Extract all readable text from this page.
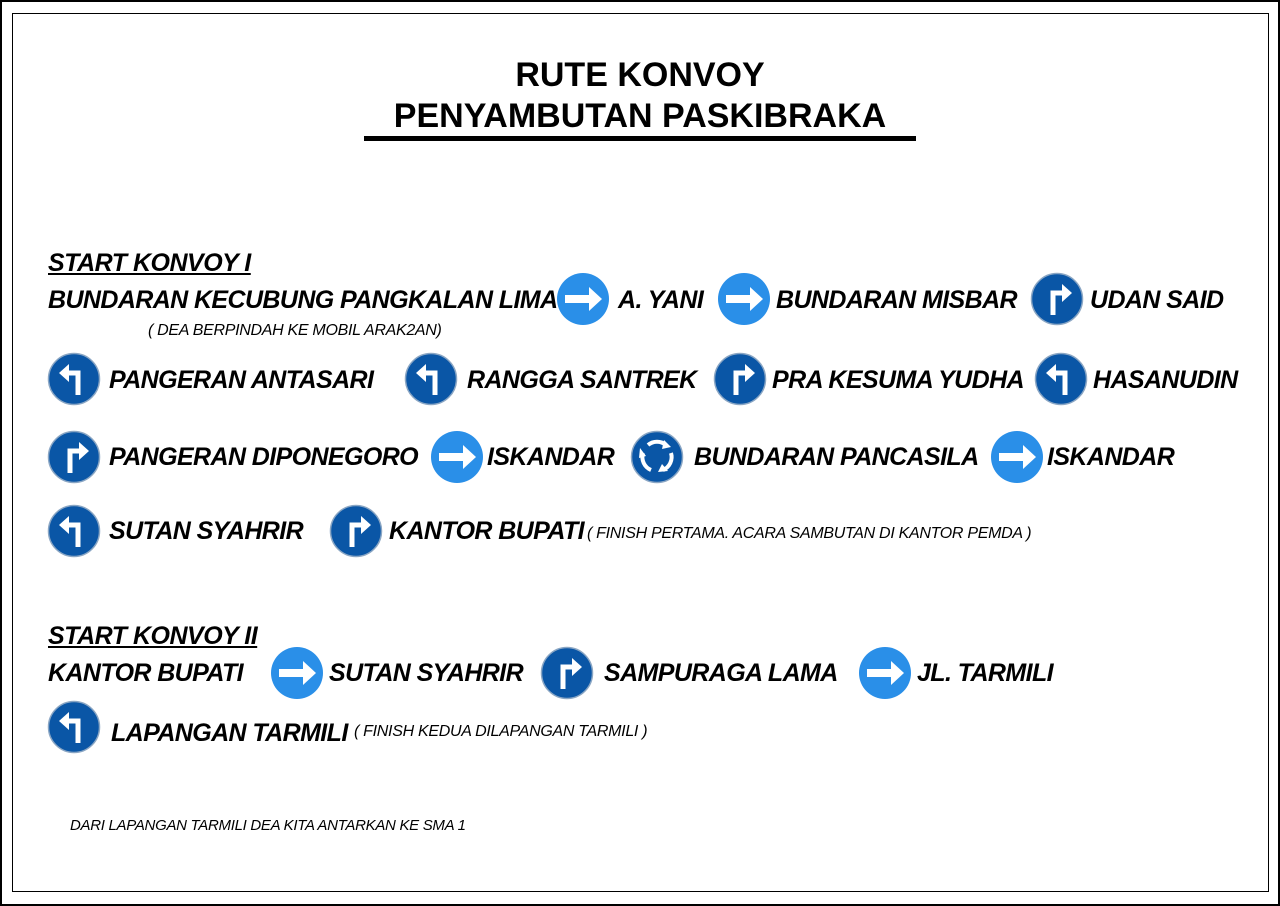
RUTE KONVOY
PENYAMBUTAN PASKIBRAKA
START KONVOY I
BUNDARAN KECUBUNG PANGKALAN LIMA
( DEA BERPINDAH KE MOBIL ARAK2AN)
A. YANI	BUNDARAN MISBAR	UDAN SAID
PANGERAN ANTASARI	RANGGA SANTREK	PRA KESUMA YUDHA	HASANUDIN
PANGERAN DIPONEGORO	ISKANDAR	BUNDARAN PANCASILA	ISKANDAR
SUTAN SYAHRIR	KANTOR BUPATI ( FINISH PERTAMA. ACARA SAMBUTAN DI KANTOR PEMDA )
START KONVOY II
KANTOR BUPATI	SUTAN SYAHRIR	SAMPURAGA LAMA	JL. TARMILI
LAPANGAN TARMILI ( FINISH KEDUA DILAPANGAN TARMILI )
DARI LAPANGAN TARMILI DEA KITA ANTARKAN KE SMA 1
